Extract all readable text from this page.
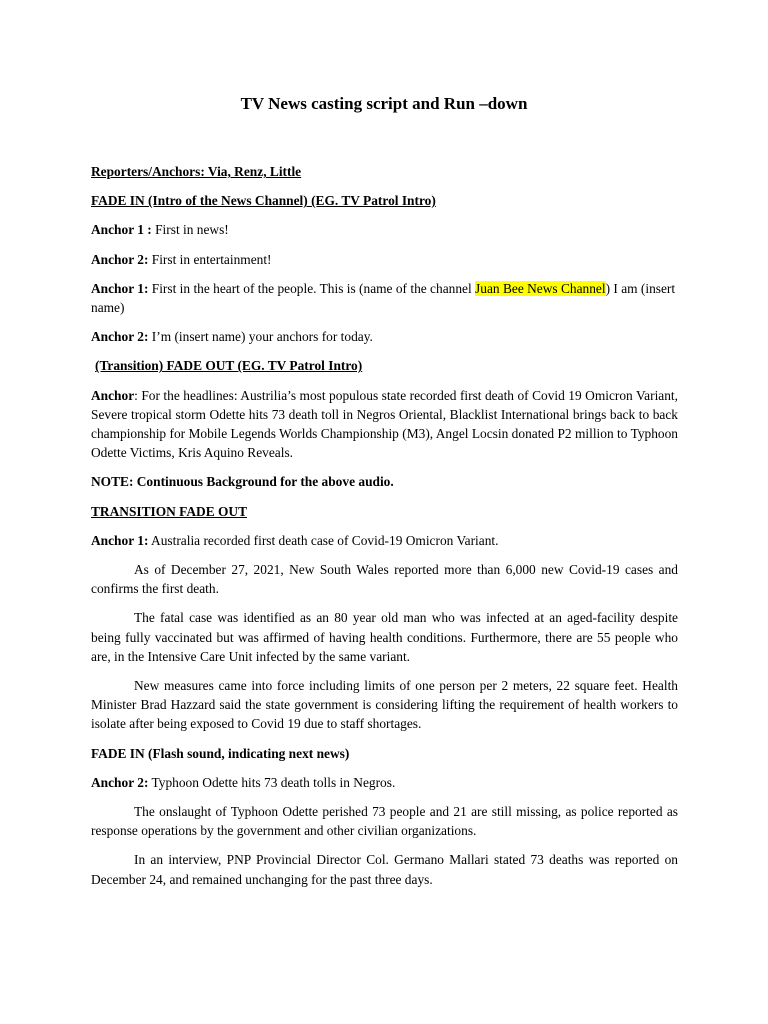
TV News casting script and Run –down

Reporters/Anchors: Via, Renz, Little

FADE IN (Intro of the News Channel) (EG. TV Patrol Intro)

Anchor 1 : First in news!

Anchor 2: First in entertainment!

Anchor 1: First in the heart of the people. This is (name of the channel Juan Bee News Channel) I am (insert name)

Anchor 2: I’m (insert name) your anchors for today.

(Transition) FADE OUT (EG. TV Patrol Intro)

Anchor: For the headlines: Austrilia’s most populous state recorded first death of Covid 19 Omicron Variant, Severe tropical storm Odette hits 73 death toll in Negros Oriental, Blacklist International brings back to back championship for Mobile Legends Worlds Championship (M3), Angel Locsin donated P2 million to Typhoon Odette Victims, Kris Aquino Reveals.

NOTE: Continuous Background for the above audio.

TRANSITION FADE OUT

Anchor 1: Australia recorded first death case of Covid-19 Omicron Variant.

As of December 27, 2021, New South Wales reported more than 6,000 new Covid-19 cases and confirms the first death.

The fatal case was identified as an 80 year old man who was infected at an aged-facility despite being fully vaccinated but was affirmed of having health conditions. Furthermore, there are 55 people who are, in the Intensive Care Unit infected by the same variant.

New measures came into force including limits of one person per 2 meters, 22 square feet. Health Minister Brad Hazzard said the state government is considering lifting the requirement of health workers to isolate after being exposed to Covid 19 due to staff shortages.

FADE IN (Flash sound, indicating next news)

Anchor 2: Typhoon Odette hits 73 death tolls in Negros.

The onslaught of Typhoon Odette perished 73 people and 21 are still missing, as police reported as response operations by the government and other civilian organizations.

In an interview, PNP Provincial Director Col. Germano Mallari stated 73 deaths was reported on December 24, and remained unchanging for the past three days.
